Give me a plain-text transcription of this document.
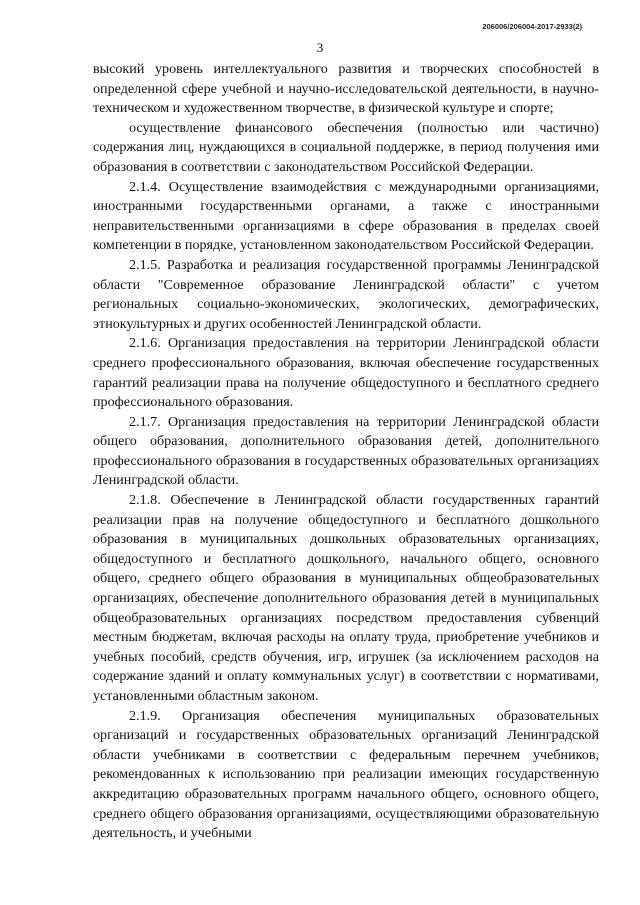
206006/206004-2017-2933(2)
3

высокий уровень интеллектуального развития и творческих способностей в определенной сфере учебной и научно-исследовательской деятельности, в научно-техническом и художественном творчестве, в физической культуре и спорте;

осуществление финансового обеспечения (полностью или частично) содержания лиц, нуждающихся в социальной поддержке, в период получения ими образования в соответствии с законодательством Российской Федерации.

2.1.4. Осуществление взаимодействия с международными организациями, иностранными государственными органами, а также с иностранными неправительственными организациями в сфере образования в пределах своей компетенции в порядке, установленном законодательством Российской Федерации.

2.1.5. Разработка и реализация государственной программы Ленинградской области "Современное образование Ленинградской области" с учетом региональных социально-экономических, экологических, демографических, этнокультурных и других особенностей Ленинградской области.

2.1.6. Организация предоставления на территории Ленинградской области среднего профессионального образования, включая обеспечение государственных гарантий реализации права на получение общедоступного и бесплатного среднего профессионального образования.

2.1.7. Организация предоставления на территории Ленинградской области общего образования, дополнительного образования детей, дополнительного профессионального образования в государственных образовательных организациях Ленинградской области.

2.1.8. Обеспечение в Ленинградской области государственных гарантий реализации прав на получение общедоступного и бесплатного дошкольного образования в муниципальных дошкольных образовательных организациях, общедоступного и бесплатного дошкольного, начального общего, основного общего, среднего общего образования в муниципальных общеобразовательных организациях, обеспечение дополнительного образования детей в муниципальных общеобразовательных организациях посредством предоставления субвенций местным бюджетам, включая расходы на оплату труда, приобретение учебников и учебных пособий, средств обучения, игр, игрушек (за исключением расходов на содержание зданий и оплату коммунальных услуг) в соответствии с нормативами, установленными областным законом.

2.1.9. Организация обеспечения муниципальных образовательных организаций и государственных образовательных организаций Ленинградской области учебниками в соответствии с федеральным перечнем учебников, рекомендованных к использованию при реализации имеющих государственную аккредитацию образовательных программ начального общего, основного общего, среднего общего образования организациями, осуществляющими образовательную деятельность, и учебными
